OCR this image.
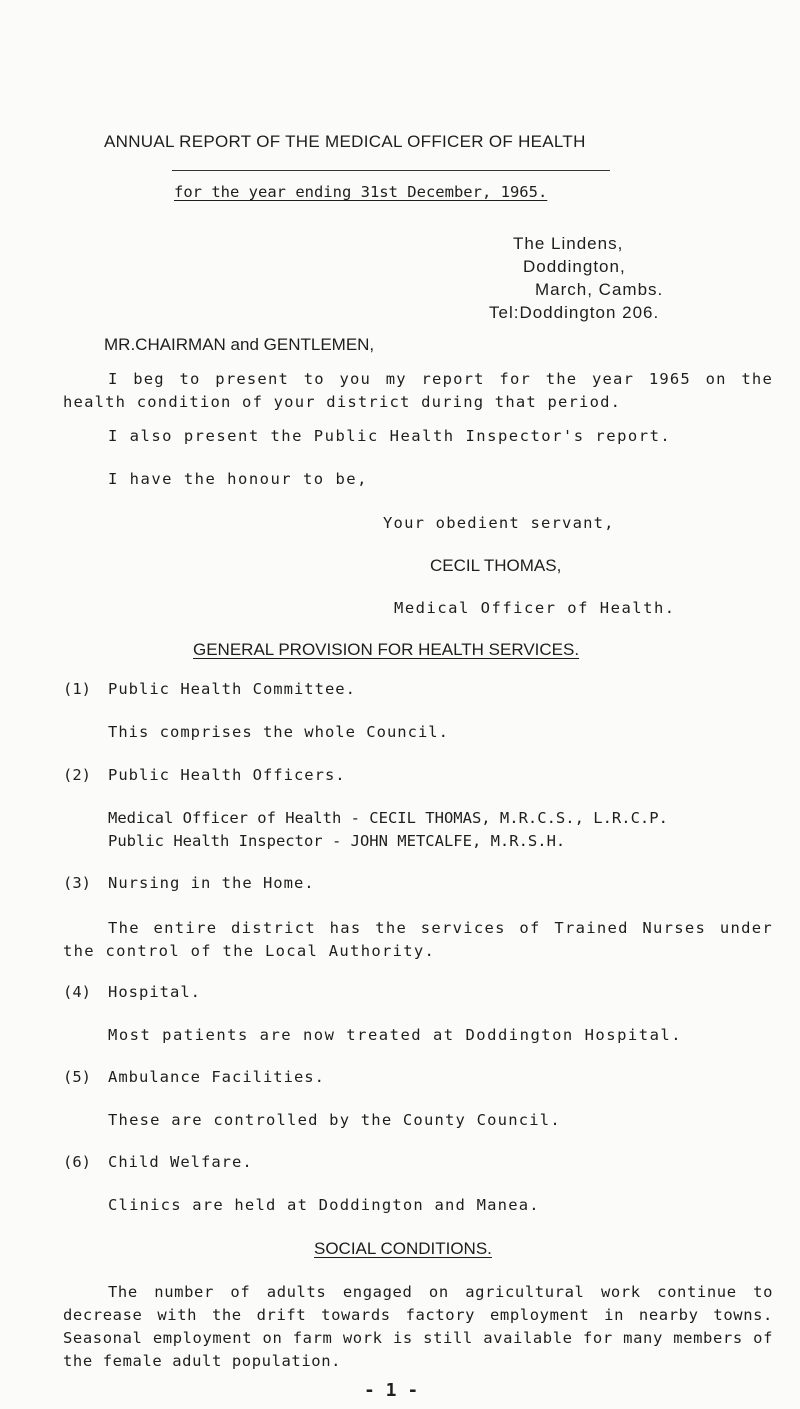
ANNUAL REPORT OF THE MEDICAL OFFICER OF HEALTH
for the year ending 31st December, 1965.
The Lindens,
Doddington,
March, Cambs.
Tel:Doddington 206.
MR.CHAIRMAN and GENTLEMEN,
I beg to present to you my report for the year 1965 on the health condition of your district during that period.
I also present the Public Health Inspector's report.
I have the honour to be,
Your obedient servant,
CECIL THOMAS,
Medical Officer of Health.
GENERAL PROVISION FOR HEALTH SERVICES.
(1) Public Health Committee.
This comprises the whole Council.
(2) Public Health Officers.
Medical Officer of Health - CECIL THOMAS, M.R.C.S., L.R.C.P.
Public Health Inspector - JOHN METCALFE, M.R.S.H.
(3) Nursing in the Home.
The entire district has the services of Trained Nurses under the control of the Local Authority.
(4) Hospital.
Most patients are now treated at Doddington Hospital.
(5) Ambulance Facilities.
These are controlled by the County Council.
(6) Child Welfare.
Clinics are held at Doddington and Manea.
SOCIAL CONDITIONS.
The number of adults engaged on agricultural work continue to decrease with the drift towards factory employment in nearby towns. Seasonal employment on farm work is still available for many members of the female adult population.
- 1 -
